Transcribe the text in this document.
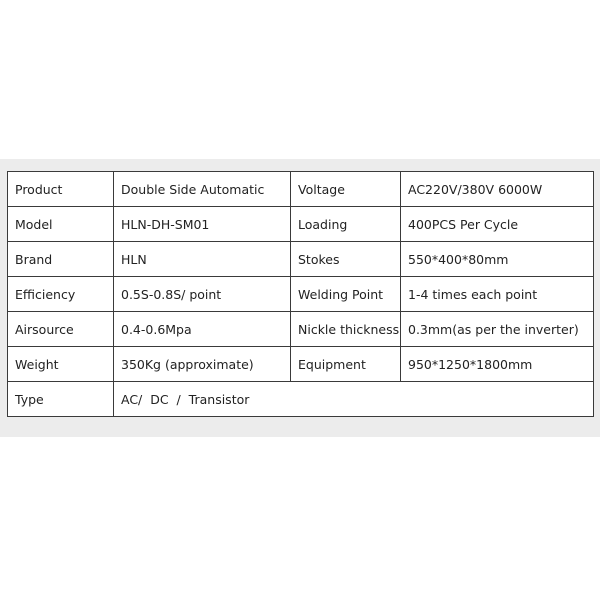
Product	Double Side Automatic	Voltage	AC220V/380V 6000W
Model	HLN-DH-SM01	Loading	400PCS Per Cycle
Brand	HLN	Stokes	550*400*80mm
Efficiency	0.5S-0.8S/ point	Welding Point	1-4 times each point
Airsource	0.4-0.6Mpa	Nickle thickness	0.3mm(as per the inverter)
Weight	350Kg (approximate)	Equipment	950*1250*1800mm
Type	AC/  DC  /  Transistor		
